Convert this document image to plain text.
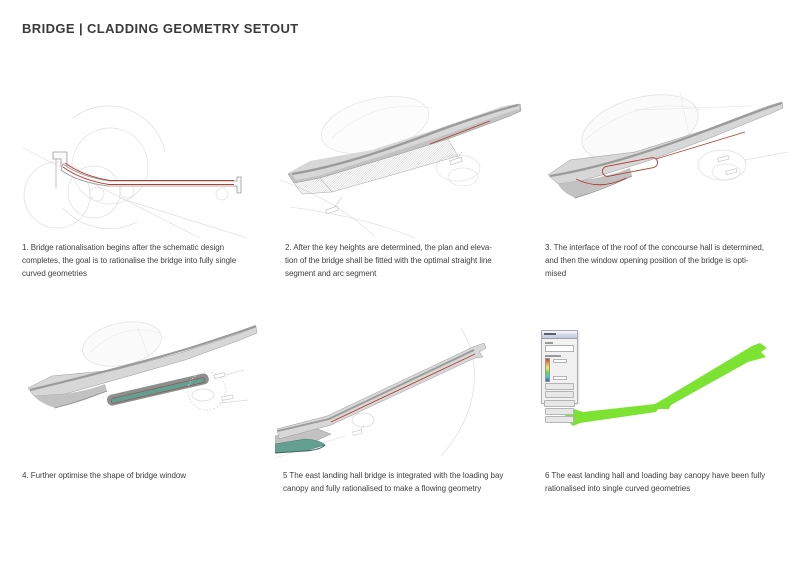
BRIDGE | CLADDING GEOMETRY SETOUT
1. Bridge rationalisation begins after the schematic design
completes, the goal is to rationalise the bridge into fully single
curved geometries
2. After the key heights are determined, the plan and eleva-
tion of the bridge shall be fitted with the optimal straight line
segment and arc segment
3. The interface of the roof of the concourse hall is determined,
and then the window opening position of the bridge is opti-
mised
4. Further optimise the shape of bridge window	5 The east landing hall bridge is integrated with the loading bay
canopy and fully rationalised to make a flowing geometry
6 The east landing hall and loading bay canopy have been fully
rationalised into single curved geometries
